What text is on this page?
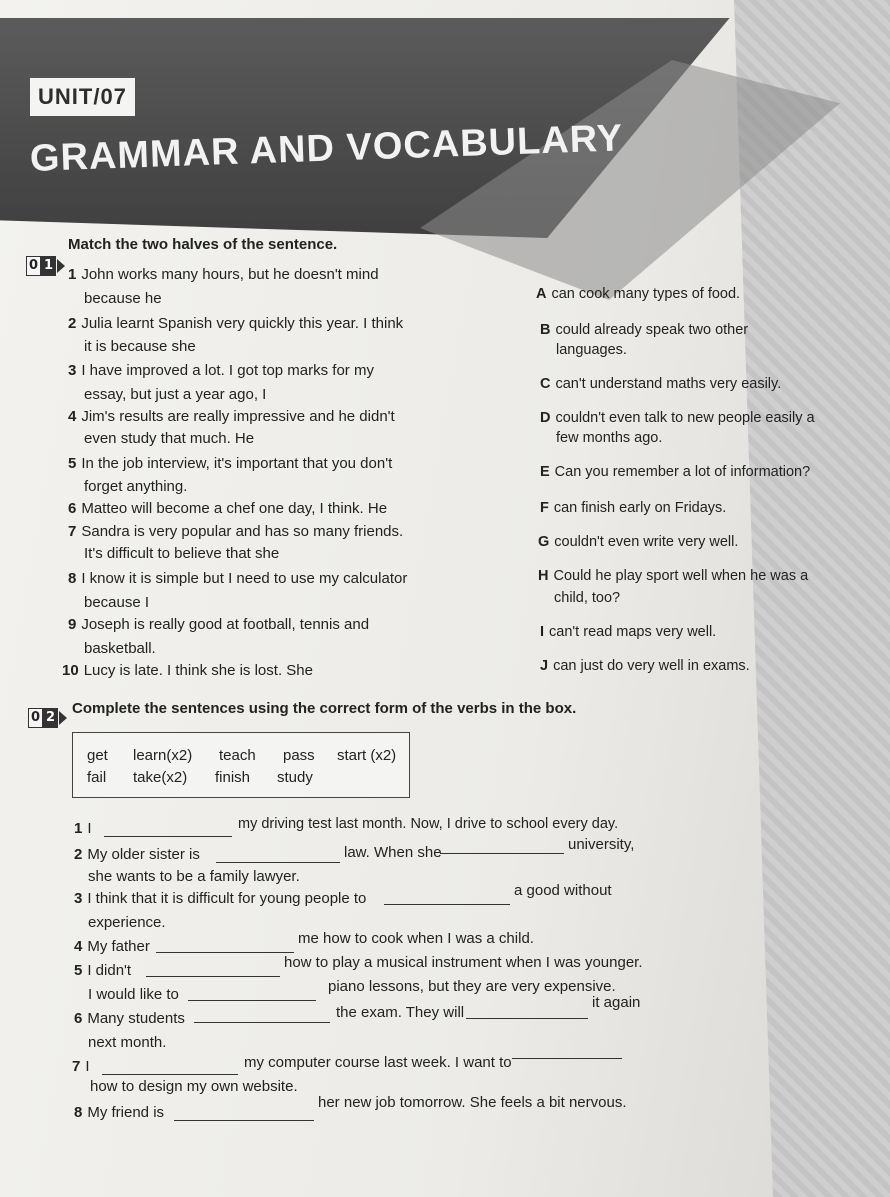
UNIT/07
GRAMMAR AND VOCABULARY
0 1
Match the two halves of the sentence.
1 John works many hours, but he doesn't mind
because he
2 Julia learnt Spanish very quickly this year. I think
it is because she
3 I have improved a lot. I got top marks for my
essay, but just a year ago, I
4 Jim's results are really impressive and he didn't
even study that much. He
5 In the job interview, it's important that you don't
forget anything.
6 Matteo will become a chef one day, I think. He
7 Sandra is very popular and has so many friends.
It's difficult to believe that she
8 I know it is simple but I need to use my calculator
because I
9 Joseph is really good at football, tennis and
basketball.
10 Lucy is late. I think she is lost. She
A can cook many types of food.
B could already speak two other
languages.
C can't understand maths very easily.
D couldn't even talk to new people easily a
few months ago.
E Can you remember a lot of information?
F can finish early on Fridays.
G couldn't even write very well.
H Could he play sport well when he was a
child, too?
I can't read maps very well.
J can just do very well in exams.
0 2
Complete the sentences using the correct form of the verbs in the box.
get learn(x2) teach pass start (x2)
fail take(x2) finish study
1 I	my driving test last month. Now, I drive to school every day.
2 My older sister is	law. When she	university,
she wants to be a family lawyer.
3 I think that it is difficult for young people to	a good without
experience.
4 My father	me how to cook when I was a child.
5 I didn't	how to play a musical instrument when I was younger.
I would like to	piano lessons, but they are very expensive.
6 Many students	the exam. They will
it again
next month.
7 I	my computer course last week. I want to
how to design my own website.
8 My friend is
her new job tomorrow. She feels a bit nervous.
